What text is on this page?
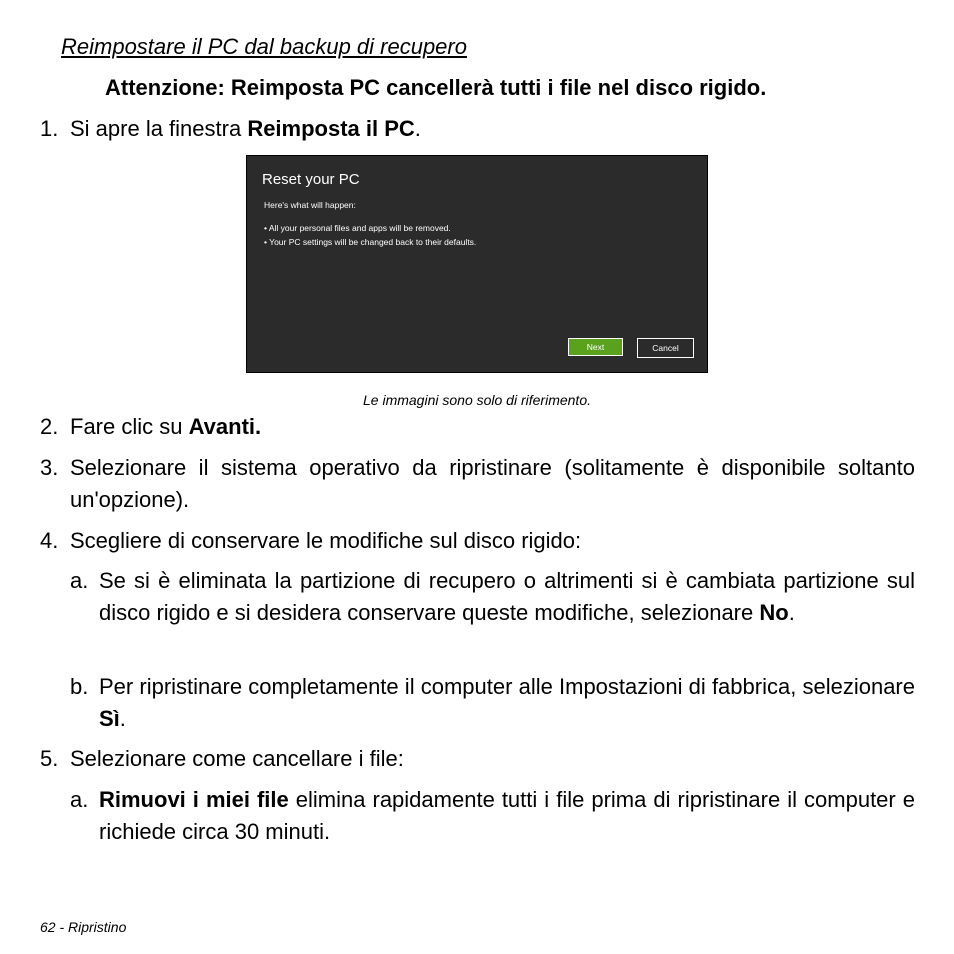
Reimpostare il PC dal backup di recupero
Attenzione: Reimposta PC cancellerà tutti i file nel disco rigido.
1. Si apre la finestra Reimposta il PC.
Reset your PC
Here's what will happen:
• All your personal files and apps will be removed.
• Your PC settings will be changed back to their defaults.
Next	Cancel
Le immagini sono solo di riferimento.
2. Fare clic su Avanti.
3. Selezionare il sistema operativo da ripristinare (solitamente è disponibile soltanto un'opzione).
4. Scegliere di conservare le modifiche sul disco rigido:
a. Se si è eliminata la partizione di recupero o altrimenti si è cambiata partizione sul disco rigido e si desidera conservare queste modifiche, selezionare No.
b. Per ripristinare completamente il computer alle Impostazioni di fabbrica, selezionare Sì.
5. Selezionare come cancellare i file:
a. Rimuovi i miei file elimina rapidamente tutti i file prima di ripristinare il computer e richiede circa 30 minuti.
62 - Ripristino
